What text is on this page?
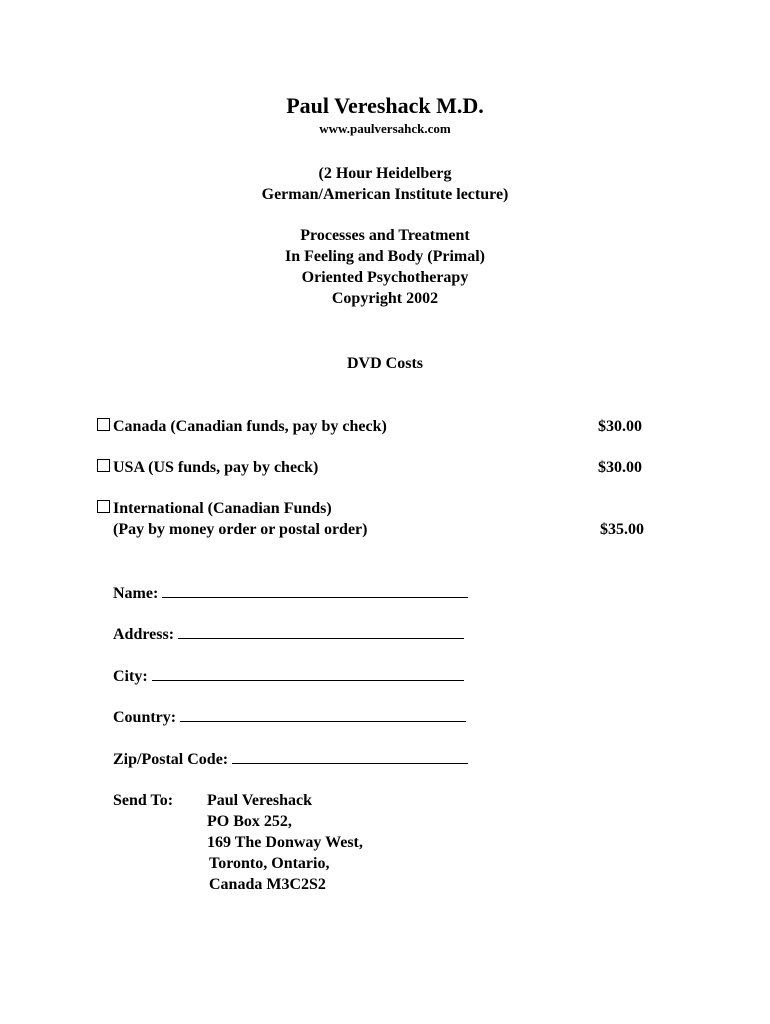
Paul Vereshack M.D.
www.paulversahck.com
(2 Hour Heidelberg
German/American Institute lecture)
Processes and Treatment
In Feeling and Body (Primal)
Oriented Psychotherapy
Copyright 2002
DVD Costs
Canada (Canadian funds, pay by check)	$30.00
USA (US funds, pay by check)	$30.00
International (Canadian Funds)
(Pay by money order or postal order)	$35.00
Name:
Address:
City:
Country:
Zip/Postal Code:
Send To: Paul Vereshack
PO Box 252,
169 The Donway West,
Toronto, Ontario,
Canada M3C2S2
